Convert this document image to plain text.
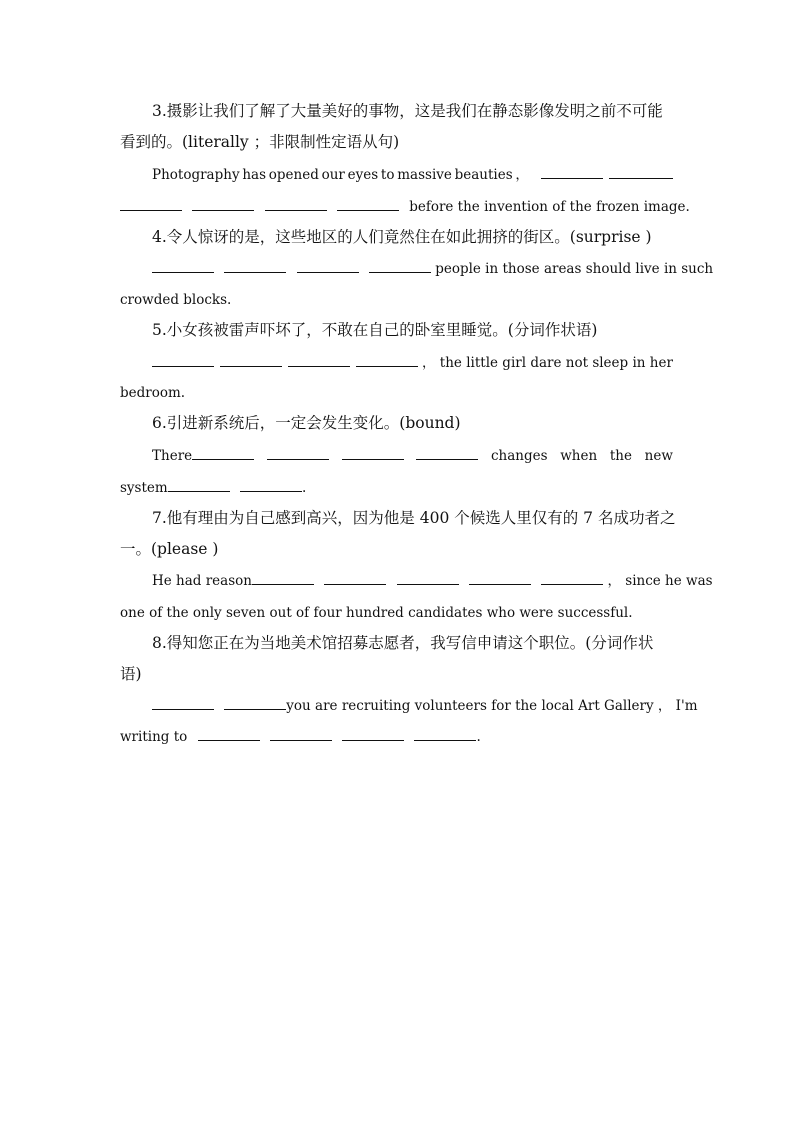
3.摄影让我们了解了大量美好的事物，这是我们在静态影像发明之前不可能
看到的。(literally ；非限制性定语从句)
Photography has opened our eyes to massive beauties ，
before the invention of the frozen image.
4.令人惊讶的是，这些地区的人们竟然住在如此拥挤的街区。(surprise )
people in those areas should live in such
crowded blocks.
5.小女孩被雷声吓坏了，不敢在自己的卧室里睡觉。(分词作状语)
， the little girl dare not sleep in her
bedroom.
6.引进新系统后，一定会发生变化。(bound)
There	changes when the new
system	.
7.他有理由为自己感到高兴，因为他是 400 个候选人里仅有的 7 名成功者之
一。(please )
He had reason	， since he was
one of the only seven out of four hundred candidates who were successful.
8.得知您正在为当地美术馆招募志愿者，我写信申请这个职位。(分词作状
语)
you are recruiting volunteers for the local Art Gallery ， I'm
writing to	.
